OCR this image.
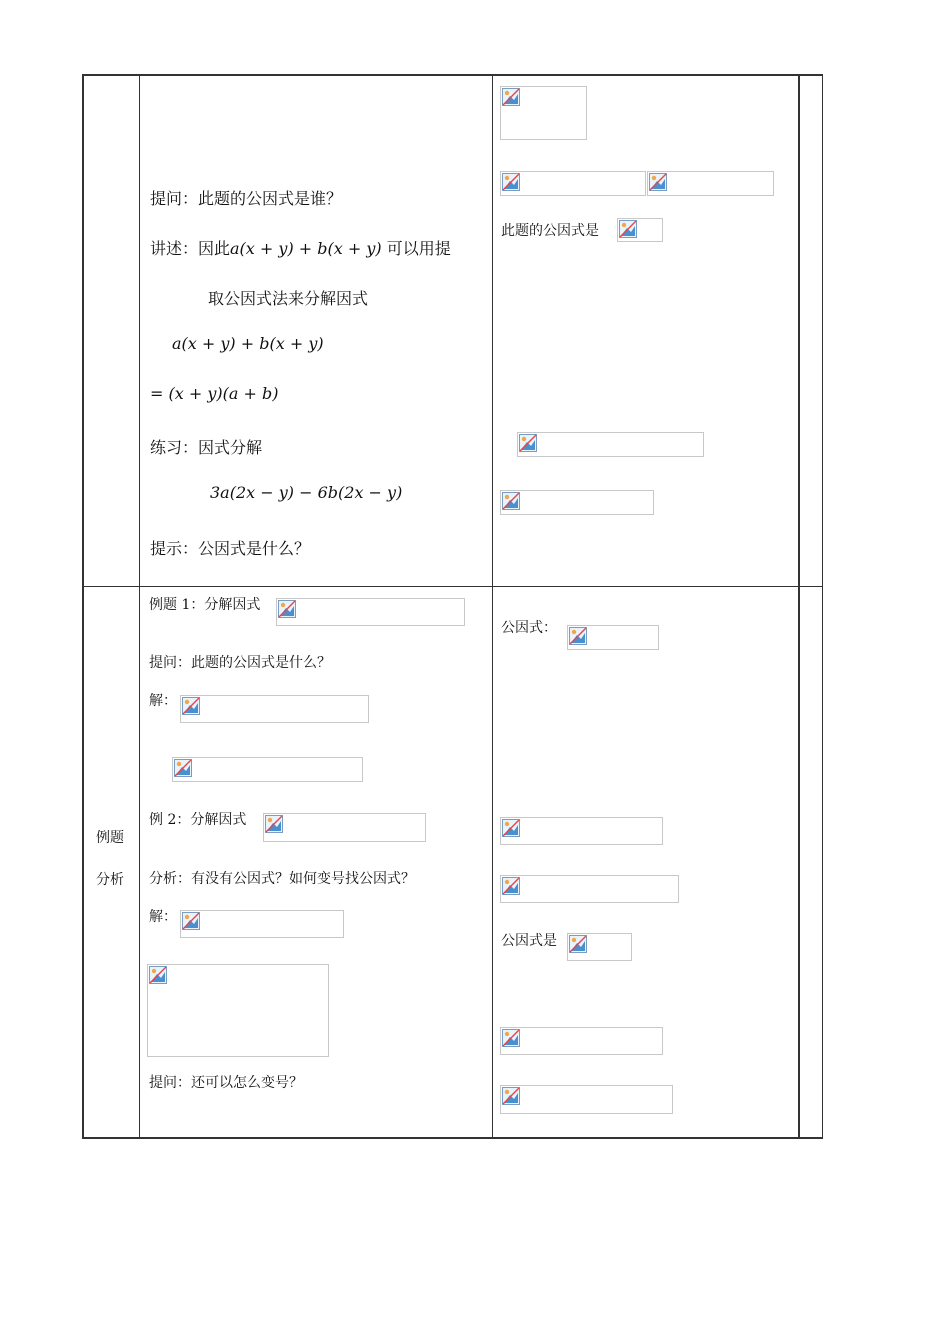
提问：此题的公因式是谁？
讲述：因此a(x + y) + b(x + y) 可以用提
取公因式法来分解因式
a(x + y) + b(x + y)
= (x + y)(a + b)
练习：因式分解
3a(2x − y) − 6b(2x − y)
提示：公因式是什么？
此题的公因式是
例题
分析
例题 1：分解因式
提问：此题的公因式是什么？
解：
例 2：分解因式
分析：有没有公因式？如何变号找公因式？
解：
提问：还可以怎么变号？
公因式：
公因式是
